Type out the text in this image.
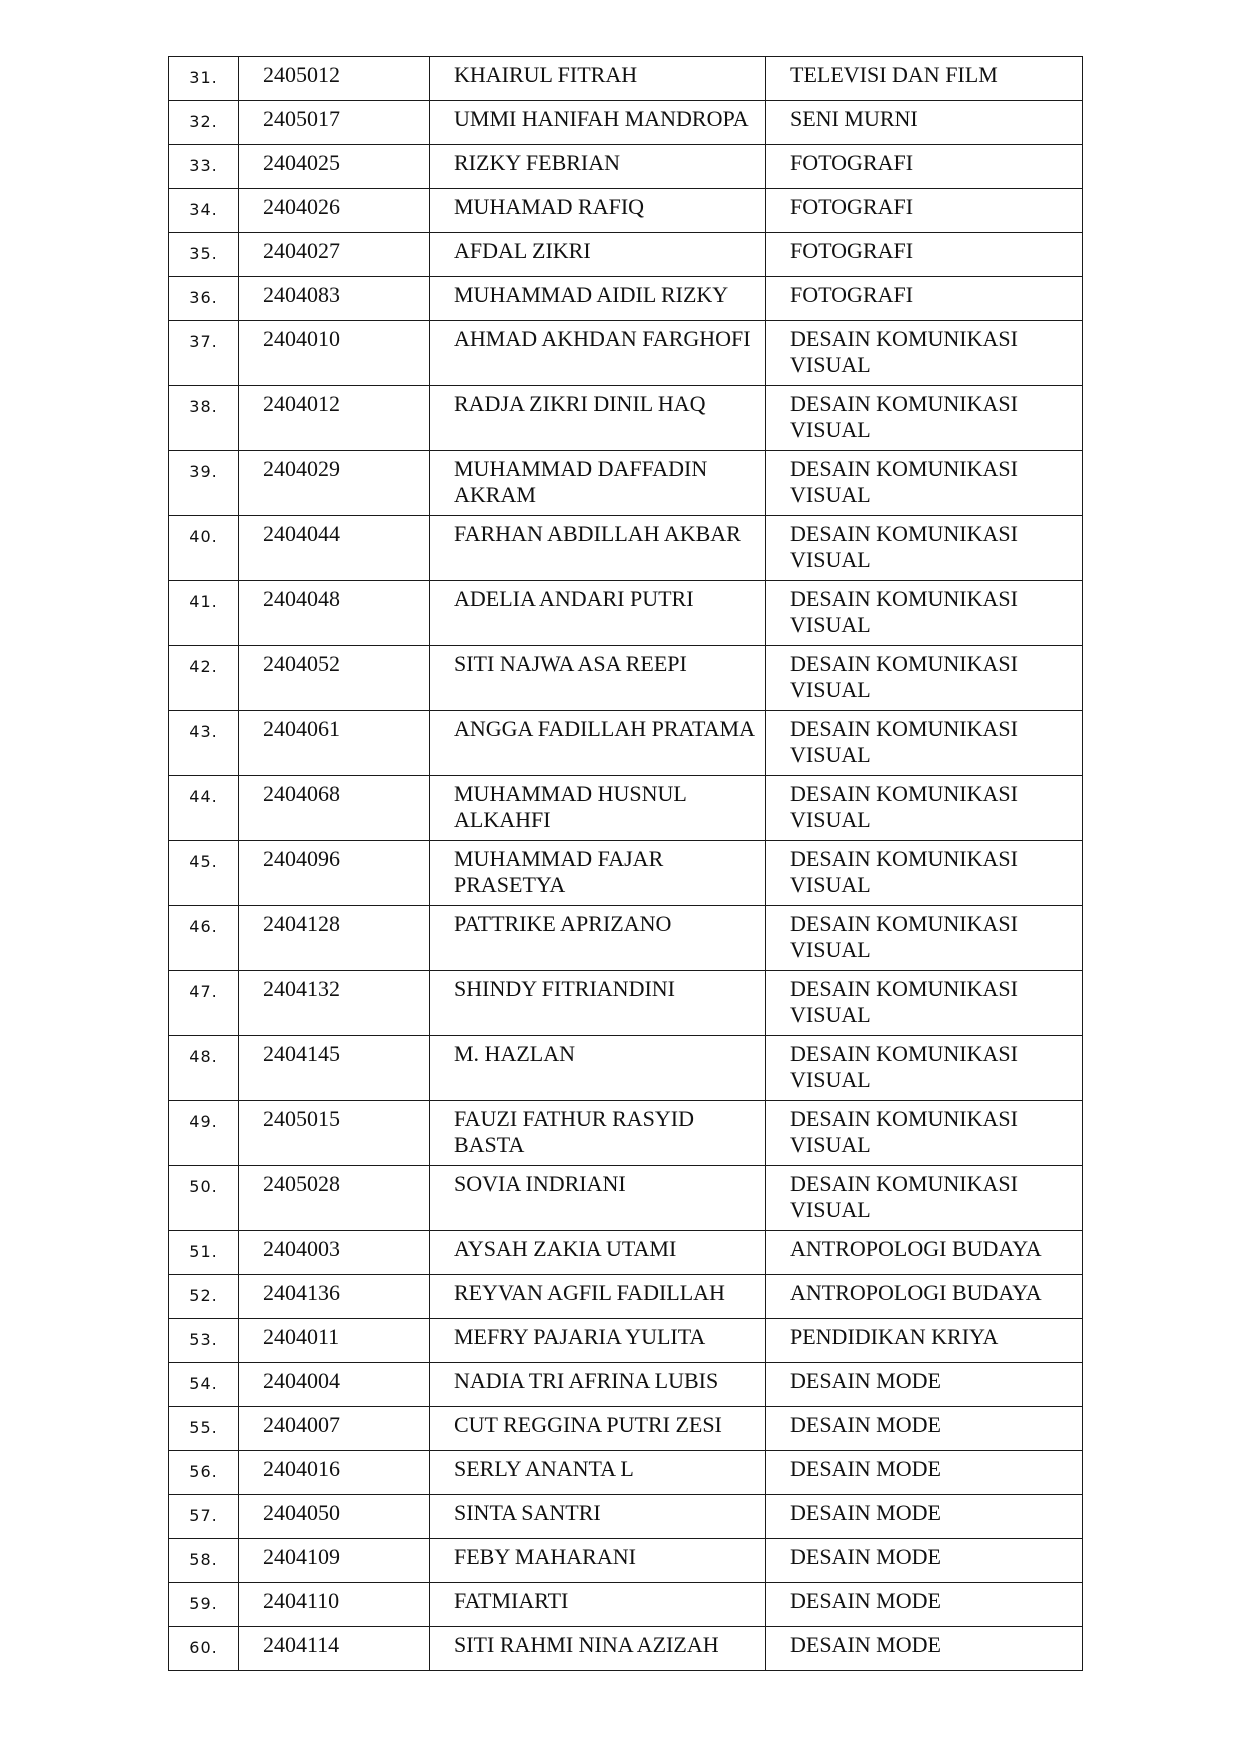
31.	2405012	KHAIRUL FITRAH	TELEVISI DAN FILM
32.	2405017	UMMI HANIFAH MANDROPA	SENI MURNI
33.	2404025	RIZKY FEBRIAN	FOTOGRAFI
34.	2404026	MUHAMAD RAFIQ	FOTOGRAFI
35.	2404027	AFDAL ZIKRI	FOTOGRAFI
36.	2404083	MUHAMMAD AIDIL RIZKY	FOTOGRAFI
37.	2404010	AHMAD AKHDAN FARGHOFI	DESAIN KOMUNIKASI VISUAL
38.	2404012	RADJA ZIKRI DINIL HAQ	DESAIN KOMUNIKASI VISUAL
39.	2404029	MUHAMMAD DAFFADIN AKRAM	DESAIN KOMUNIKASI VISUAL
40.	2404044	FARHAN ABDILLAH AKBAR	DESAIN KOMUNIKASI VISUAL
41.	2404048	ADELIA ANDARI PUTRI	DESAIN KOMUNIKASI VISUAL
42.	2404052	SITI NAJWA ASA REEPI	DESAIN KOMUNIKASI VISUAL
43.	2404061	ANGGA FADILLAH PRATAMA	DESAIN KOMUNIKASI VISUAL
44.	2404068	MUHAMMAD HUSNUL ALKAHFI	DESAIN KOMUNIKASI VISUAL
45.	2404096	MUHAMMAD FAJAR PRASETYA	DESAIN KOMUNIKASI VISUAL
46.	2404128	PATTRIKE APRIZANO	DESAIN KOMUNIKASI VISUAL
47.	2404132	SHINDY FITRIANDINI	DESAIN KOMUNIKASI VISUAL
48.	2404145	M. HAZLAN	DESAIN KOMUNIKASI VISUAL
49.	2405015	FAUZI FATHUR RASYID BASTA	DESAIN KOMUNIKASI VISUAL
50.	2405028	SOVIA INDRIANI	DESAIN KOMUNIKASI VISUAL
51.	2404003	AYSAH ZAKIA UTAMI	ANTROPOLOGI BUDAYA
52.	2404136	REYVAN AGFIL FADILLAH	ANTROPOLOGI BUDAYA
53.	2404011	MEFRY PAJARIA YULITA	PENDIDIKAN KRIYA
54.	2404004	NADIA TRI AFRINA LUBIS	DESAIN MODE
55.	2404007	CUT REGGINA PUTRI ZESI	DESAIN MODE
56.	2404016	SERLY ANANTA L	DESAIN MODE
57.	2404050	SINTA SANTRI	DESAIN MODE
58.	2404109	FEBY MAHARANI	DESAIN MODE
59.	2404110	FATMIARTI	DESAIN MODE
60.	2404114	SITI RAHMI NINA AZIZAH	DESAIN MODE
